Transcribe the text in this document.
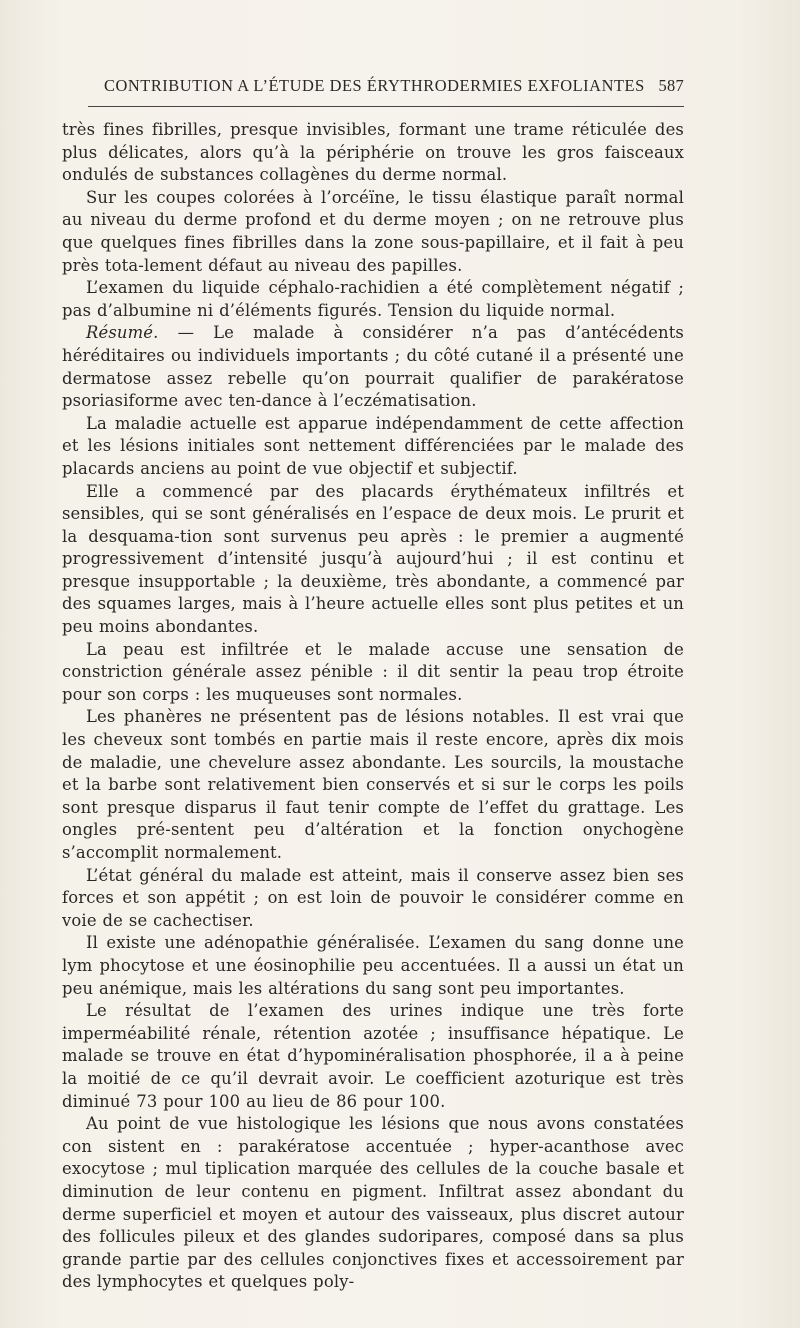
CONTRIBUTION A L’ÉTUDE DES ÉRYTHRODERMIES EXFOLIANTES 587

très fines fibrilles, presque invisibles, formant une trame réticulée des plus délicates, alors qu’à la périphérie on trouve les gros faisceaux ondulés de substances collagènes du derme normal.

Sur les coupes colorées à l’orcéïne, le tissu élastique paraît normal au niveau du derme profond et du derme moyen ; on ne retrouve plus que quelques fines fibrilles dans la zone sous-papillaire, et il fait à peu près tota-lement défaut au niveau des papilles.

L’examen du liquide céphalo-rachidien a été complètement négatif ; pas d’albumine ni d’éléments figurés. Tension du liquide normal.

Résumé. — Le malade à considérer n’a pas d’antécédents héréditaires ou individuels importants ; du côté cutané il a présenté une dermatose assez rebelle qu’on pourrait qualifier de parakératose psoriasiforme avec ten-dance à l’eczématisation.

La maladie actuelle est apparue indépendamment de cette affection et les lésions initiales sont nettement différenciées par le malade des placards anciens au point de vue objectif et subjectif.

Elle a commencé par des placards érythémateux infiltrés et sensibles, qui se sont généralisés en l’espace de deux mois. Le prurit et la desquama-tion sont survenus peu après : le premier a augmenté progressivement d’intensité jusqu’à aujourd’hui ; il est continu et presque insupportable ; la deuxième, très abondante, a commencé par des squames larges, mais à l’heure actuelle elles sont plus petites et un peu moins abondantes.

La peau est infiltrée et le malade accuse une sensation de constriction générale assez pénible : il dit sentir la peau trop étroite pour son corps : les muqueuses sont normales.

Les phanères ne présentent pas de lésions notables. Il est vrai que les cheveux sont tombés en partie mais il reste encore, après dix mois de maladie, une chevelure assez abondante. Les sourcils, la moustache et la barbe sont relativement bien conservés et si sur le corps les poils sont presque disparus il faut tenir compte de l’effet du grattage. Les ongles pré-sentent peu d’altération et la fonction onychogène s’accomplit normalement.

L’état général du malade est atteint, mais il conserve assez bien ses forces et son appétit ; on est loin de pouvoir le considérer comme en voie de se cachectiser.

Il existe une adénopathie généralisée. L’examen du sang donne une lym phocytose et une éosinophilie peu accentuées. Il a aussi un état un peu anémique, mais les altérations du sang sont peu importantes.

Le résultat de l’examen des urines indique une très forte imperméabilité rénale, rétention azotée ; insuffisance hépatique. Le malade se trouve en état d’hypominéralisation phosphorée, il a à peine la moitié de ce qu’il devrait avoir. Le coefficient azoturique est très diminué 73 pour 100 au lieu de 86 pour 100.

Au point de vue histologique les lésions que nous avons constatées con sistent en : parakératose accentuée ; hyper-acanthose avec exocytose ; mul tiplication marquée des cellules de la couche basale et diminution de leur contenu en pigment. Infiltrat assez abondant du derme superficiel et moyen et autour des vaisseaux, plus discret autour des follicules pileux et des glandes sudoripares, composé dans sa plus grande partie par des cellules conjonctives fixes et accessoirement par des lymphocytes et quelques poly-
